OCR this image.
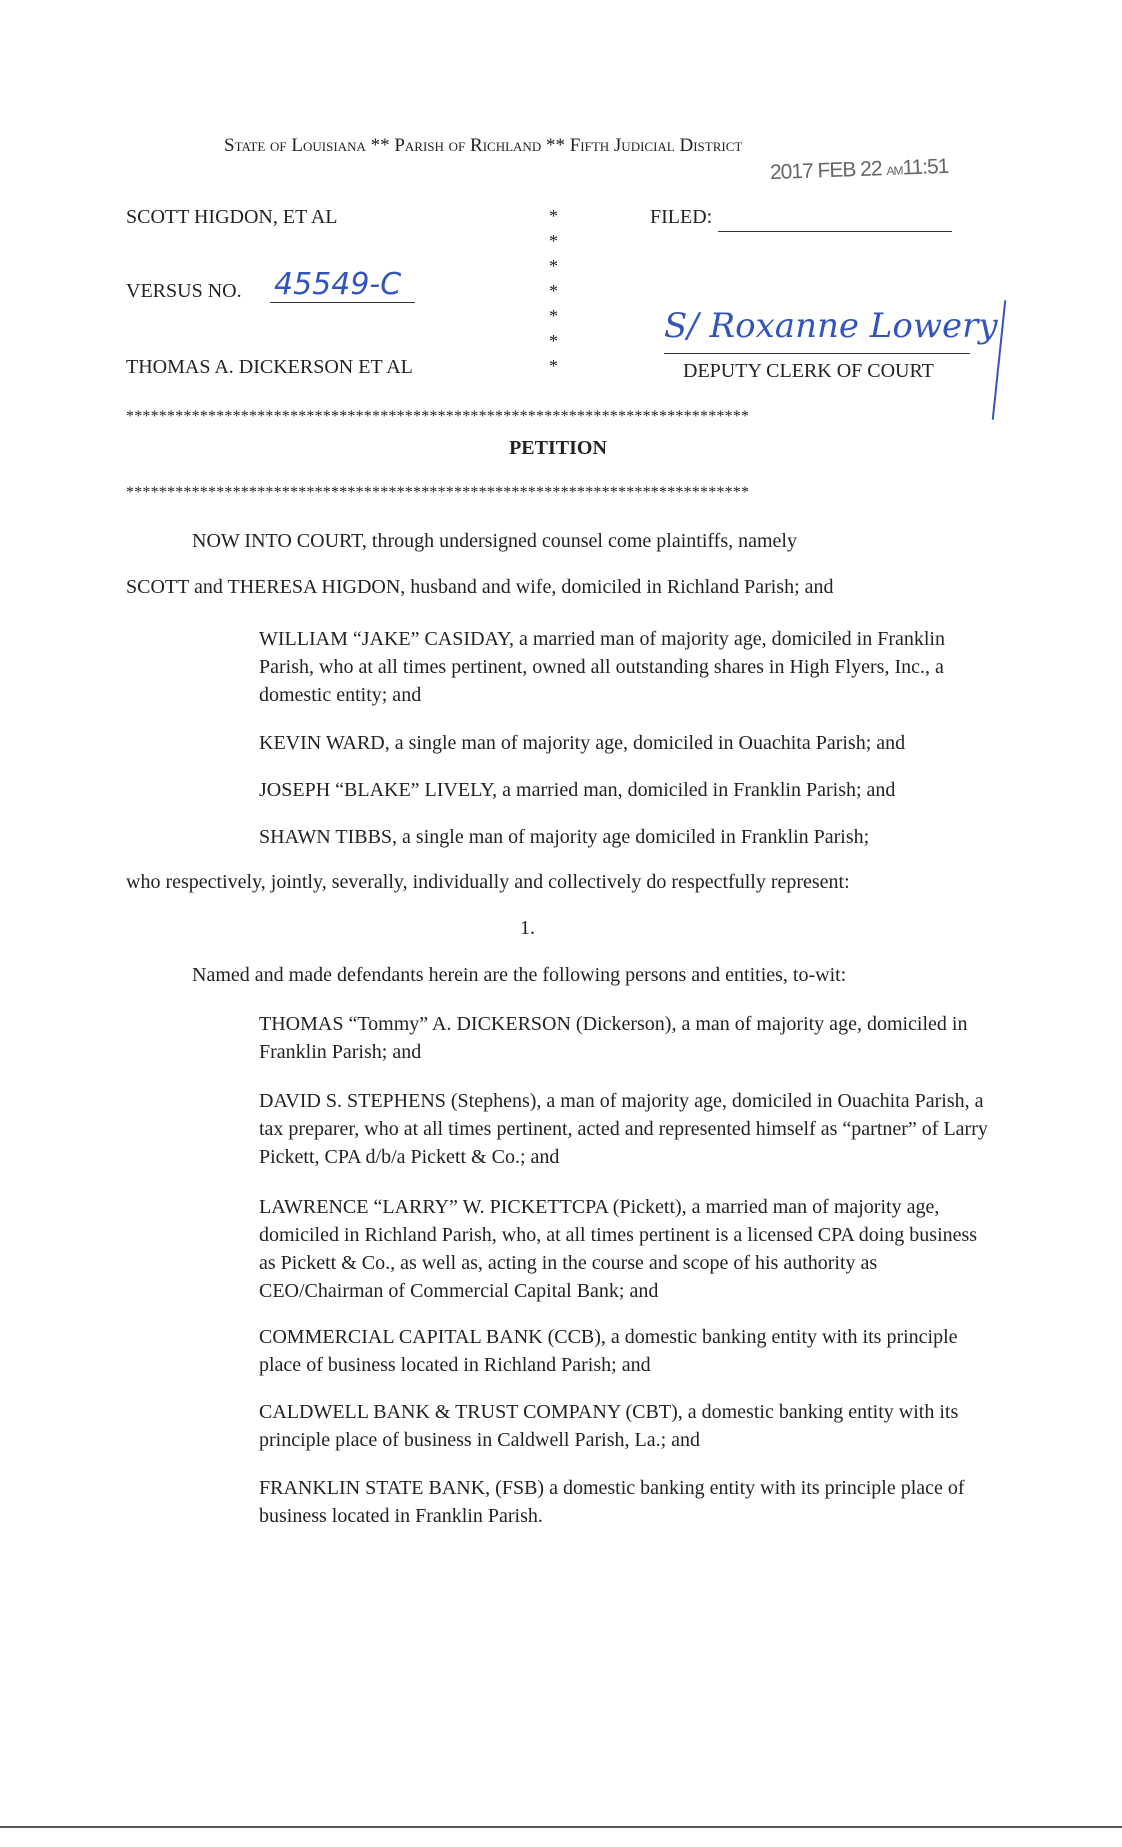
State of Louisiana ** Parish of Richland ** Fifth Judicial District
2017 FEB 22 AM11:51
SCOTT HIGDON, ET AL
VERSUS NO. 45549-C
THOMAS A. DICKERSON ET AL
*
*
*
*
*
*
*
FILED:
S/ Roxanne Lowery
DEPUTY CLERK OF COURT
****************************************************************************
PETITION
****************************************************************************
NOW INTO COURT, through undersigned counsel come plaintiffs, namely
SCOTT and THERESA HIGDON, husband and wife, domiciled in Richland Parish; and
WILLIAM “JAKE” CASIDAY, a married man of majority age, domiciled in Franklin Parish, who at all times pertinent, owned all outstanding shares in High Flyers, Inc., a domestic entity; and
KEVIN WARD, a single man of majority age, domiciled in Ouachita Parish; and
JOSEPH “BLAKE” LIVELY, a married man, domiciled in Franklin Parish; and
SHAWN TIBBS, a single man of majority age domiciled in Franklin Parish;
who respectively, jointly, severally, individually and collectively do respectfully represent:
1.
Named and made defendants herein are the following persons and entities, to-wit:
THOMAS “Tommy” A. DICKERSON (Dickerson), a man of majority age, domiciled in Franklin Parish; and
DAVID S. STEPHENS (Stephens), a man of majority age, domiciled in Ouachita Parish, a tax preparer, who at all times pertinent, acted and represented himself as “partner” of Larry Pickett, CPA d/b/a Pickett & Co.; and
LAWRENCE “LARRY” W. PICKETTCPA (Pickett), a married man of majority age, domiciled in Richland Parish, who, at all times pertinent is a licensed CPA doing business as Pickett & Co., as well as, acting in the course and scope of his authority as CEO/Chairman of Commercial Capital Bank; and
COMMERCIAL CAPITAL BANK (CCB), a domestic banking entity with its principle place of business located in Richland Parish; and
CALDWELL BANK & TRUST COMPANY (CBT), a domestic banking entity with its principle place of business in Caldwell Parish, La.; and
FRANKLIN STATE BANK, (FSB) a domestic banking entity with its principle place of business located in Franklin Parish.
